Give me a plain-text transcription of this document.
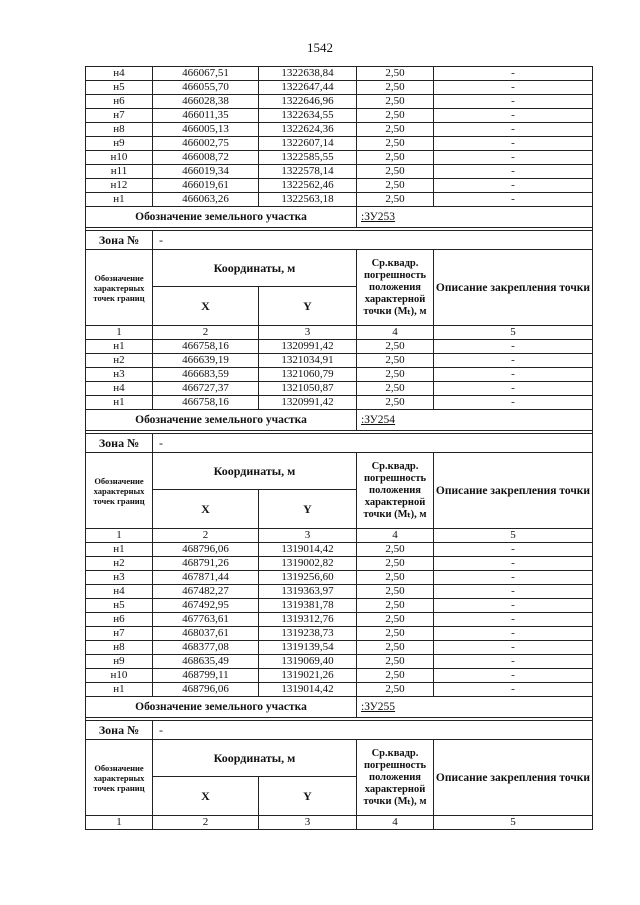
1542
н4	466067,51	1322638,84	2,50	-
н5	466055,70	1322647,44	2,50	-
н6	466028,38	1322646,96	2,50	-
н7	466011,35	1322634,55	2,50	-
н8	466005,13	1322624,36	2,50	-
н9	466002,75	1322607,14	2,50	-
н10	466008,72	1322585,55	2,50	-
н11	466019,34	1322578,14	2,50	-
н12	466019,61	1322562,46	2,50	-
н1	466063,26	1322563,18	2,50	-
Обозначение земельного участка			:ЗУ253	

Зона №	-			
Обозначение характерных точек границ	Координаты, м		Ср.квадр. погрешность положения характерной точки (Mₜ), м	Описание закрепления точки
	X	Y		
1	2	3	4	5
н1	466758,16	1320991,42	2,50	-
н2	466639,19	1321034,91	2,50	-
н3	466683,59	1321060,79	2,50	-
н4	466727,37	1321050,87	2,50	-
н1	466758,16	1320991,42	2,50	-
Обозначение земельного участка			:ЗУ254	

Зона №	-			
Обозначение характерных точек границ	Координаты, м		Ср.квадр. погрешность положения характерной точки (Mₜ), м	Описание закрепления точки
	X	Y		
1	2	3	4	5
н1	468796,06	1319014,42	2,50	-
н2	468791,26	1319002,82	2,50	-
н3	467871,44	1319256,60	2,50	-
н4	467482,27	1319363,97	2,50	-
н5	467492,95	1319381,78	2,50	-
н6	467763,61	1319312,76	2,50	-
н7	468037,61	1319238,73	2,50	-
н8	468377,08	1319139,54	2,50	-
н9	468635,49	1319069,40	2,50	-
н10	468799,11	1319021,26	2,50	-
н1	468796,06	1319014,42	2,50	-
Обозначение земельного участка			:ЗУ255	

Зона №	-			
Обозначение характерных точек границ	Координаты, м		Ср.квадр. погрешность положения характерной точки (Mₜ), м	Описание закрепления точки
	X	Y		
1	2	3	4	5
